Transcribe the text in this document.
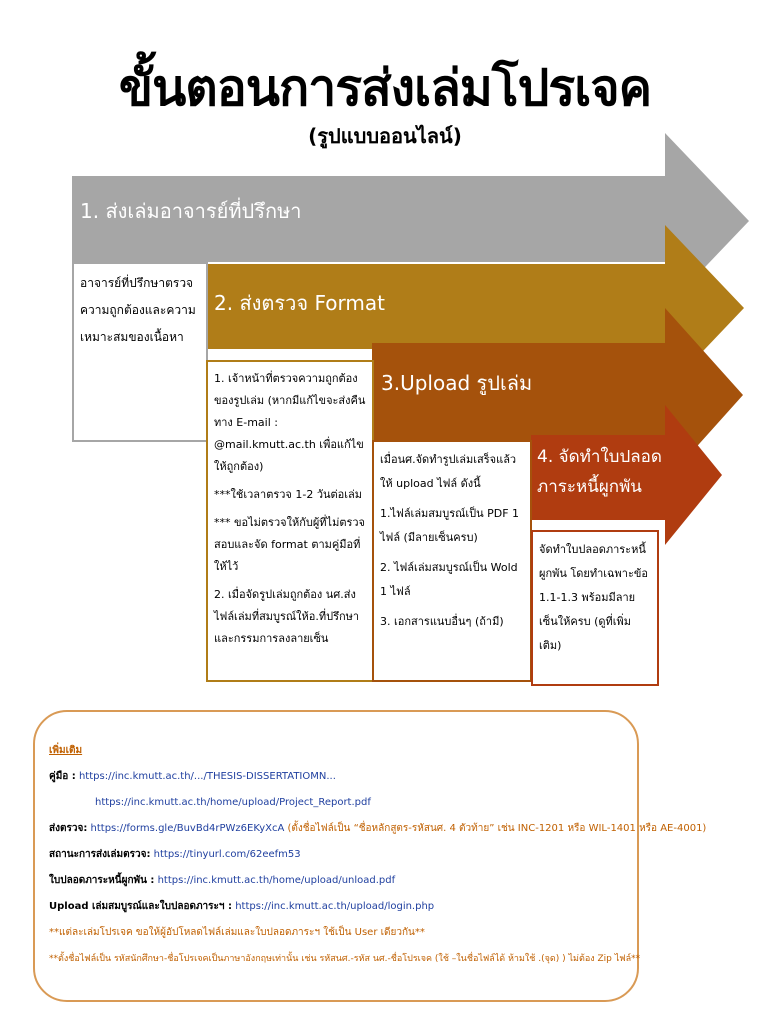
ขั้นตอนการส่งเล่มโปรเจค
(รูปแบบออนไลน์)
1. ส่งเล่มอาจารย์ที่ปรึกษา
2. ส่งตรวจ Format
3.Upload รูปเล่ม
4. จัดทำใบปลอดภาระหนี้ผูกพัน

อาจารย์ที่ปรึกษาตรวจความถูกต้องและความเหมาะสมของเนื้อหา

1. เจ้าหน้าที่ตรวจความถูกต้องของรูปเล่ม (หากมีแก้ไขจะส่งคืนทาง E-mail : @mail.kmutt.ac.th เพื่อแก้ไขให้ถูกต้อง)

***ใช้เวลาตรวจ 1-2 วันต่อเล่ม

*** ขอไม่ตรวจให้กับผู้ที่ไม่ตรวจสอบและจัด format ตามคู่มือที่ให้ไว้

2. เมื่อจัดรูปเล่มถูกต้อง นศ.ส่งไฟล์เล่มที่สมบูรณ์ให้อ.ที่ปรึกษาและกรรมการลงลายเซ็น

เมื่อนศ.จัดทำรูปเล่มเสร็จแล้วให้ upload ไฟล์ ดังนี้

1.ไฟล์เล่มสมบูรณ์เป็น PDF 1 ไฟล์ (มีลายเซ็นครบ)

2. ไฟล์เล่มสมบูรณ์เป็น Wold 1 ไฟล์

3. เอกสารแนบอื่นๆ (ถ้ามี)

จัดทำใบปลอดภาระหนี้ผูกพัน โดยทำเฉพาะข้อ 1.1-1.3 พร้อมมีลายเซ็นให้ครบ (ดูที่เพิ่มเติม)

เพิ่มเติม
คู่มือ : https://inc.kmutt.ac.th/.../THESIS-DISSERTATIOMN...
https://inc.kmutt.ac.th/home/upload/Project_Report.pdf
ส่งตรวจ: https://forms.gle/BuvBd4rPWz6EKyXcA (ตั้งชื่อไฟล์เป็น “ชื่อหลักสูตร-รหัสนศ. 4 ตัวท้าย” เช่น INC-1201 หรือ WIL-1401 หรือ AE-4001)
สถานะการส่งเล่มตรวจ: https://tinyurl.com/62eefm53
ใบปลอดภาระหนี้ผูกพัน : https://inc.kmutt.ac.th/home/upload/unload.pdf
Upload เล่มสมบูรณ์และใบปลอดภาระฯ : https://inc.kmutt.ac.th/upload/login.php
**แต่ละเล่มโปรเจค ขอให้ผู้อัปโหลดไฟล์เล่มและใบปลอดภาระฯ ใช้เป็น User เดียวกัน**
**ตั้งชื่อไฟล์เป็น รหัสนักศึกษา-ชื่อโปรเจคเป็นภาษาอังกฤษเท่านั้น เช่น รหัสนศ.-รหัส นศ.-ชื่อโปรเจค (ใช้ –ในชื่อไฟล์ได้ ห้ามใช้ .(จุด) ) ไม่ต้อง Zip ไฟล์**
